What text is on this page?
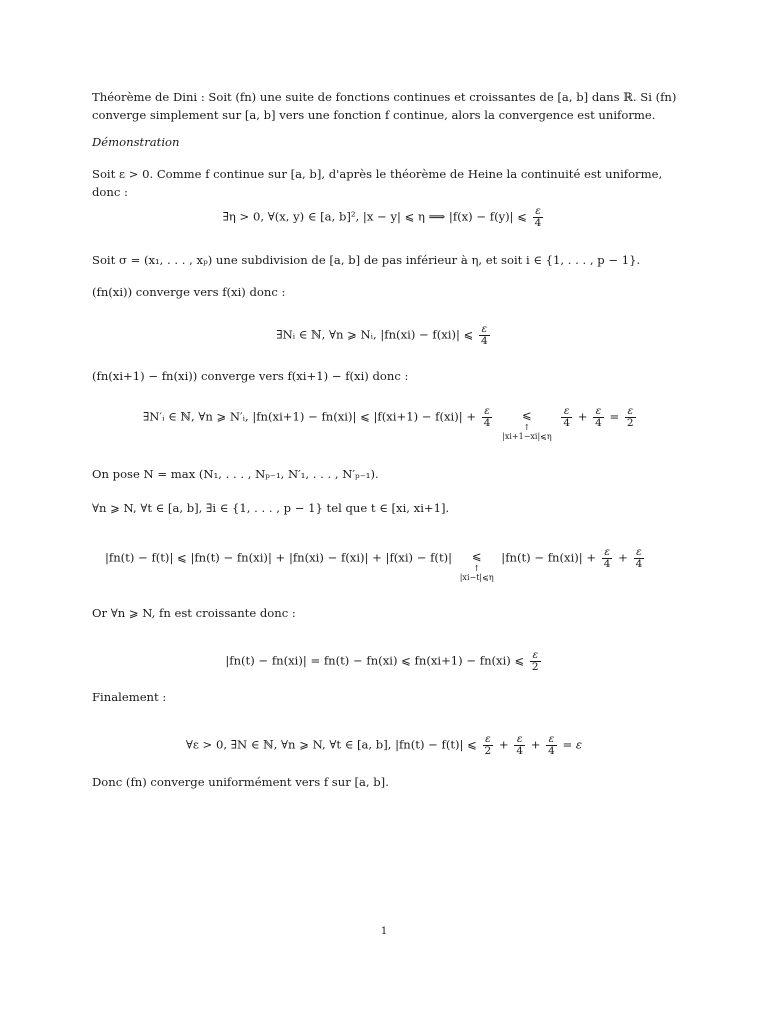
Théorème de Dini : Soit (fn) une suite de fonctions continues et croissantes de [a, b] dans ℝ. Si (fn)
converge simplement sur [a, b] vers une fonction f continue, alors la convergence est uniforme.
Démonstration
Soit ε > 0. Comme f continue sur [a, b], d'après le théorème de Heine la continuité est uniforme, donc :
∃η > 0, ∀(x, y) ∈ [a, b]², |x − y| ⩽ η ⟹ |f(x) − f(y)| ⩽ $\frac{\varepsilon}{4}$
Soit σ = (x₁, . . . , xₚ) une subdivision de [a, b] de pas inférieur à η, et soit i ∈ {1, . . . , p − 1}.
(fn(xi)) converge vers f(xi) donc :
∃Nᵢ ∈ ℕ, ∀n ⩾ Nᵢ, |fn(xi) − f(xi)| ⩽ $\frac{\varepsilon}{4}$
(fn(xi+1) − fn(xi)) converge vers f(xi+1) − f(xi) donc :
∃N′ᵢ ∈ ℕ, ∀n ⩾ N′ᵢ, |fn(xi+1) − fn(xi)| ⩽ $|f(xi+1) - f(xi)| + \frac{\varepsilon}{4}$
	⩽
↑
|xi+1−xi|⩽η

$\frac{\varepsilon}{4} + \frac{\varepsilon}{4} = \frac{\varepsilon}{2}$
On pose N = max (N₁, . . . , Nₚ₋₁, N′₁, . . . , N′ₚ₋₁).
∀n ⩾ N, ∀t ∈ [a, b], ∃i ∈ {1, . . . , p − 1} tel que t ∈ [xi, xi+1].
|fn(t) − f(t)| ⩽ |fn(t) − fn(xi)| + |fn(xi) − f(xi)| + |f(xi) − f(t)|	⩽
↑
|xi−t|⩽η
$|fn(t) - fn(xi)| + \frac{\varepsilon}{4} + \frac{\varepsilon}{4}$
Or ∀n ⩾ N, fn est croissante donc :
|fn(t) − fn(xi)| = fn(t) − fn(xi) ⩽ fn(xi+1) − fn(xi) ⩽ $\frac{\varepsilon}{2}$
Finalement :
∀ε > 0, ∃N ∈ ℕ, ∀n ⩾ N, ∀t ∈ [a, b], |fn(t) − f(t)| ⩽ $\frac{\varepsilon}{2} + \frac{\varepsilon}{4} + \frac{\varepsilon}{4} = \varepsilon$
Donc (fn) converge uniformément vers f sur [a, b].
1
